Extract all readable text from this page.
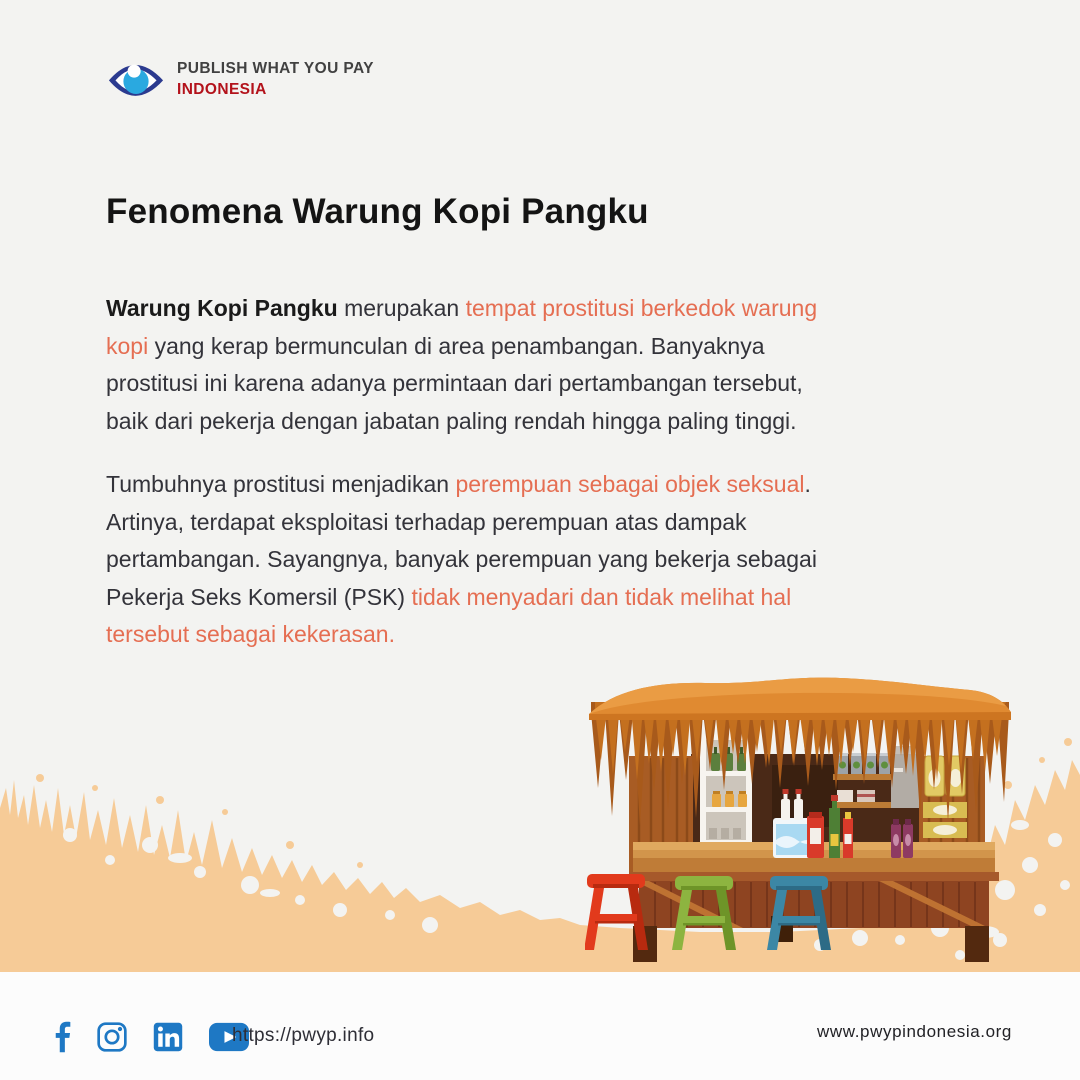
PUBLISH WHAT YOU PAY
INDONESIA
Fenomena Warung Kopi Pangku

Warung Kopi Pangku merupakan tempat prostitusi berkedok warung kopi yang kerap bermunculan di area penambangan. Banyaknya prostitusi ini karena adanya permintaan dari pertambangan tersebut, baik dari pekerja dengan jabatan paling rendah hingga paling tinggi.

Tumbuhnya prostitusi menjadikan perempuan sebagai objek seksual. Artinya, terdapat eksploitasi terhadap perempuan atas dampak pertambangan. Sayangnya, banyak perempuan yang bekerja sebagai Pekerja Seks Komersil (PSK) tidak menyadari dan tidak melihat hal tersebut sebagai kekerasan.

https://pwyp.info	www.pwypindonesia.org
